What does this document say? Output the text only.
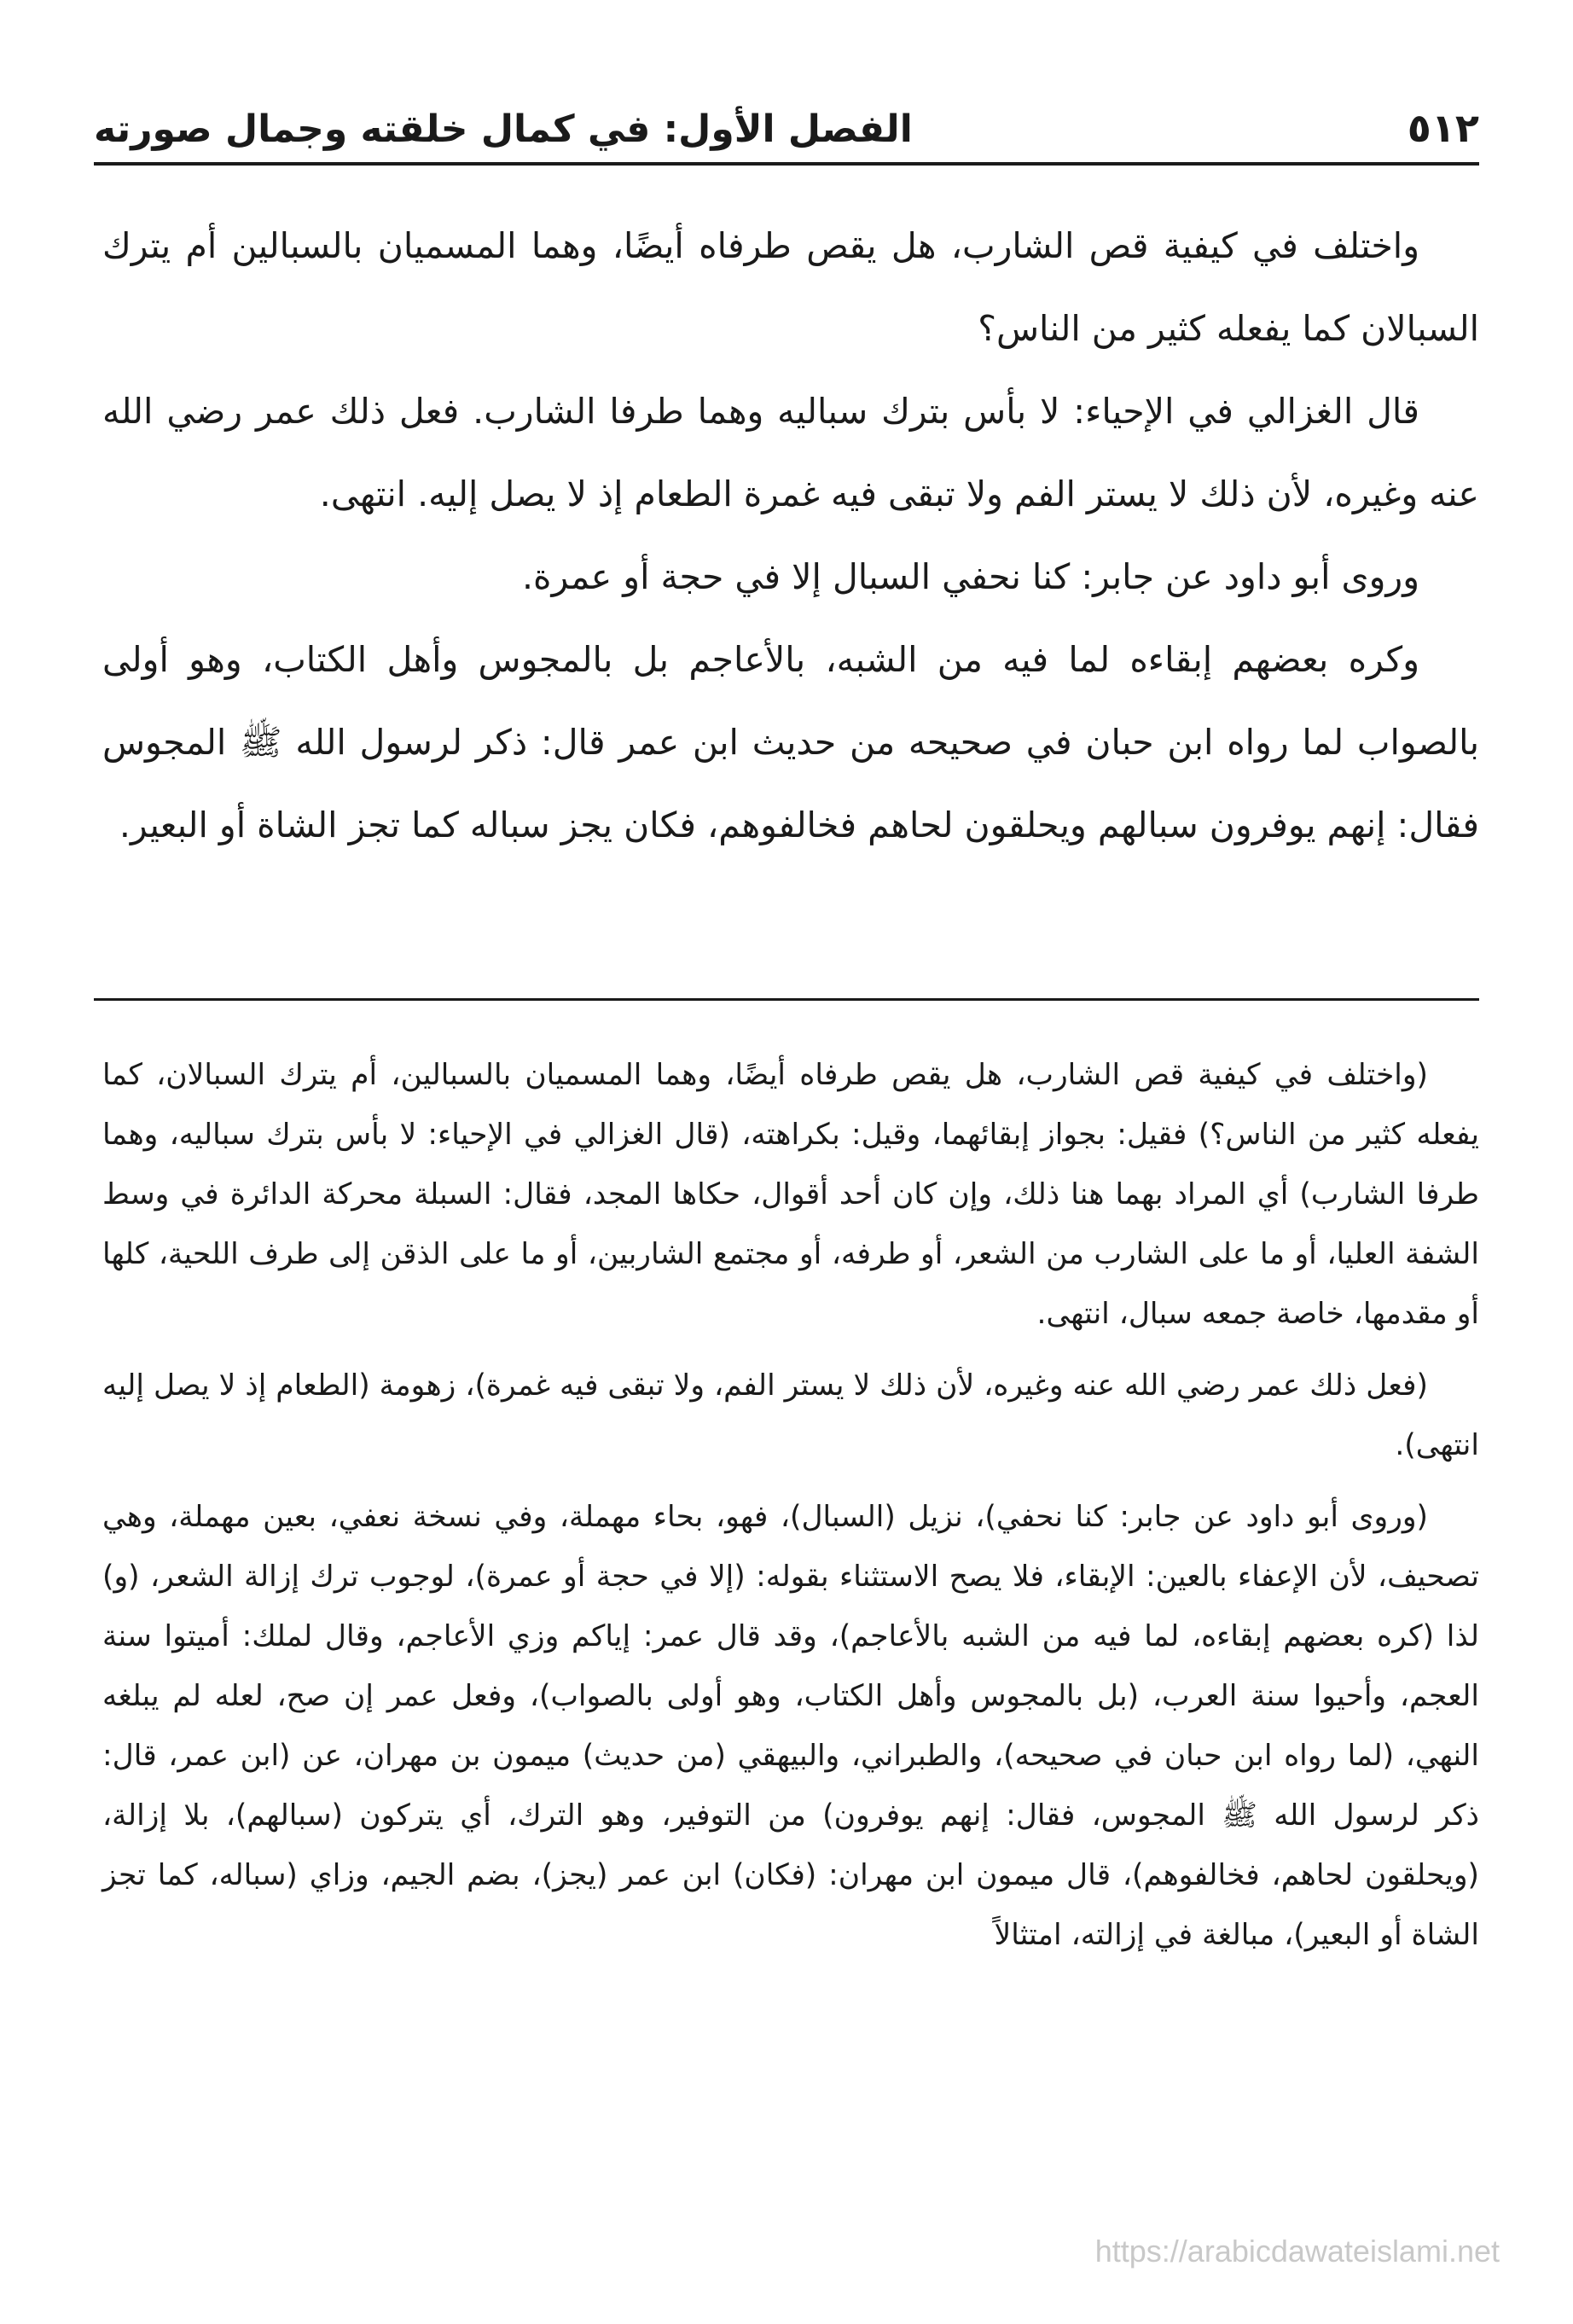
٥١٢
الفصل الأول: في كمال خلقته وجمال صورته

واختلف في كيفية قص الشارب، هل يقص طرفاه أيضًا، وهما المسميان بالسبالين أم يترك السبالان كما يفعله كثير من الناس؟

قال الغزالي في الإحياء: لا بأس بترك سباليه وهما طرفا الشارب. فعل ذلك عمر رضي الله عنه وغيره، لأن ذلك لا يستر الفم ولا تبقى فيه غمرة الطعام إذ لا يصل إليه. انتهى.

وروى أبو داود عن جابر: كنا نحفي السبال إلا في حجة أو عمرة.

وكره بعضهم إبقاءه لما فيه من الشبه، بالأعاجم بل بالمجوس وأهل الكتاب، وهو أولى بالصواب لما رواه ابن حبان في صحيحه من حديث ابن عمر قال: ذكر لرسول الله ﷺ المجوس فقال: إنهم يوفرون سبالهم ويحلقون لحاهم فخالفوهم، فكان يجز سباله كما تجز الشاة أو البعير.

(واختلف في كيفية قص الشارب، هل يقص طرفاه أيضًا، وهما المسميان بالسبالين، أم يترك السبالان، كما يفعله كثير من الناس؟) فقيل: بجواز إبقائهما، وقيل: بكراهته، (قال الغزالي في الإحياء: لا بأس بترك سباليه، وهما طرفا الشارب) أي المراد بهما هنا ذلك، وإن كان أحد أقوال، حكاها المجد، فقال: السبلة محركة الدائرة في وسط الشفة العليا، أو ما على الشارب من الشعر، أو طرفه، أو مجتمع الشاربين، أو ما على الذقن إلى طرف اللحية، كلها أو مقدمها، خاصة جمعه سبال، انتهى.

(فعل ذلك عمر رضي الله عنه وغيره، لأن ذلك لا يستر الفم، ولا تبقى فيه غمرة)، زهومة (الطعام إذ لا يصل إليه انتهى).

(وروى أبو داود عن جابر: كنا نحفي)، نزيل (السبال)، فهو، بحاء مهملة، وفي نسخة نعفي، بعين مهملة، وهي تصحيف، لأن الإعفاء بالعين: الإبقاء، فلا يصح الاستثناء بقوله: (إلا في حجة أو عمرة)، لوجوب ترك إزالة الشعر، (و) لذا (كره بعضهم إبقاءه، لما فيه من الشبه بالأعاجم)، وقد قال عمر: إياكم وزي الأعاجم، وقال لملك: أميتوا سنة العجم، وأحيوا سنة العرب، (بل بالمجوس وأهل الكتاب، وهو أولى بالصواب)، وفعل عمر إن صح، لعله لم يبلغه النهي، (لما رواه ابن حبان في صحيحه)، والطبراني، والبيهقي (من حديث) ميمون بن مهران، عن (ابن عمر، قال: ذكر لرسول الله ﷺ المجوس، فقال: إنهم يوفرون) من التوفير، وهو الترك، أي يتركون (سبالهم)، بلا إزالة، (ويحلقون لحاهم، فخالفوهم)، قال ميمون ابن مهران: (فكان) ابن عمر (يجز)، بضم الجيم، وزاي (سباله، كما تجز الشاة أو البعير)، مبالغة في إزالته، امتثالاً

https://arabicdawateislami.net
